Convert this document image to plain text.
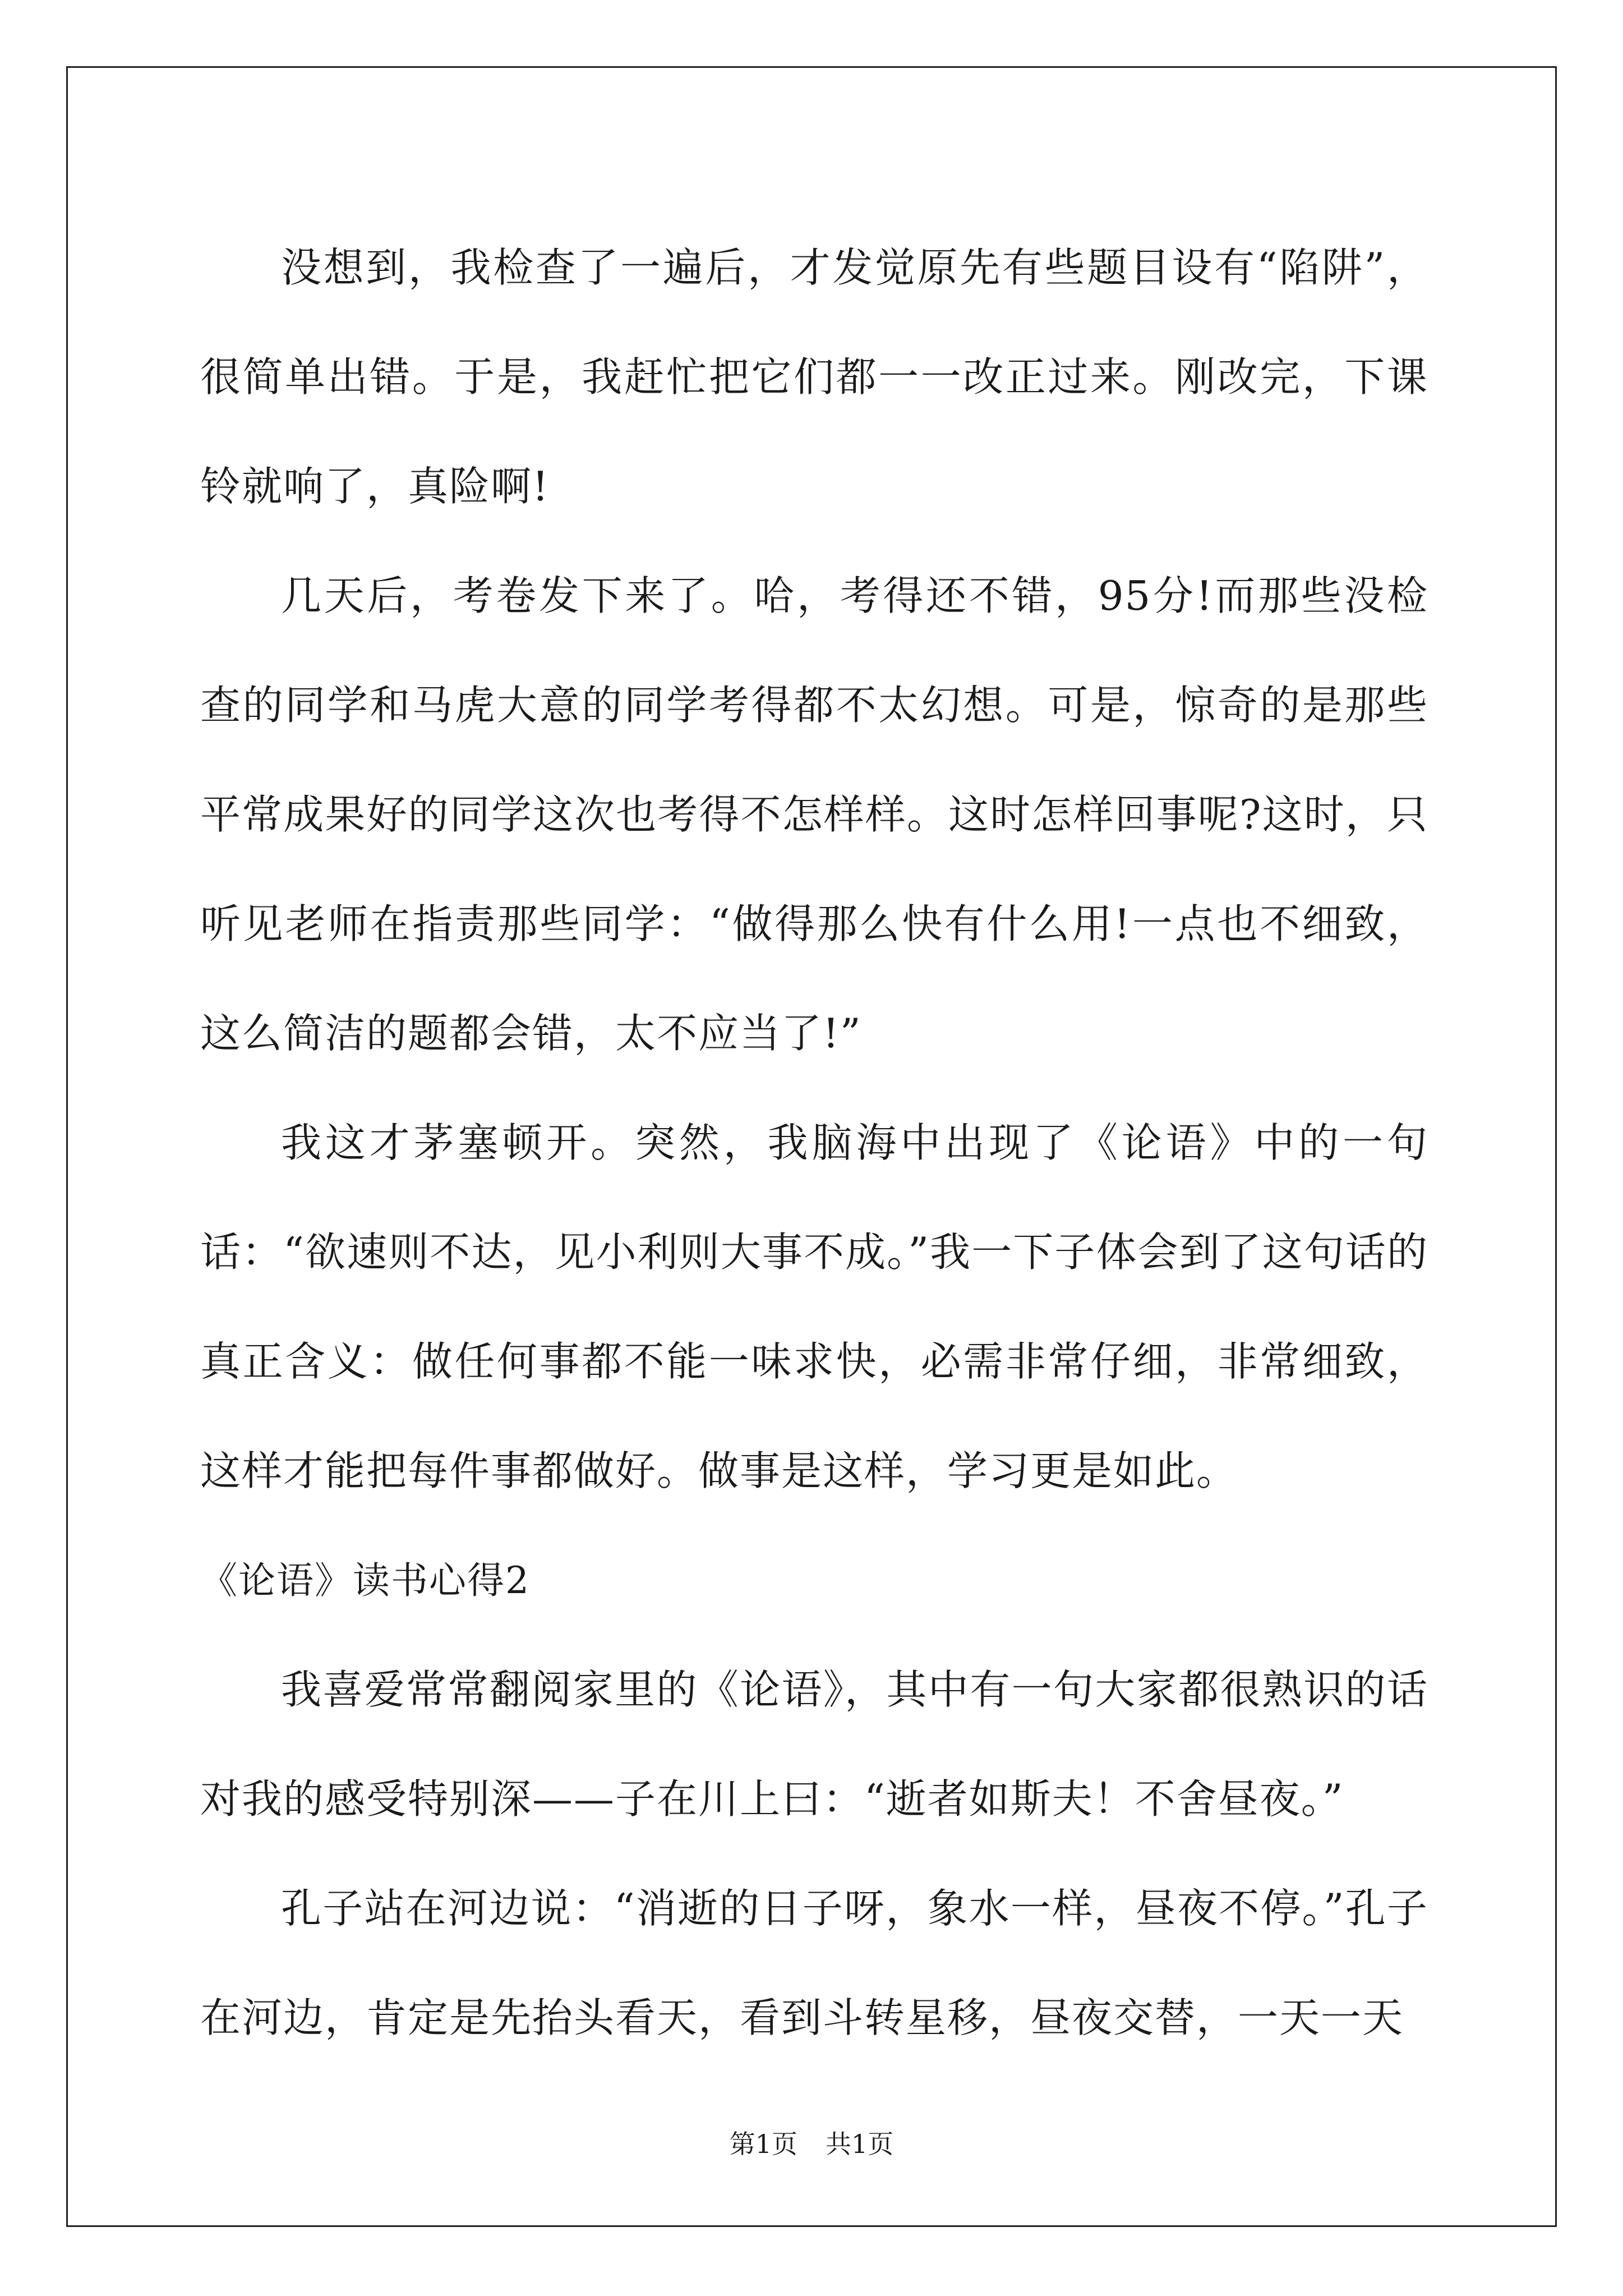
没想到，我检查了一遍后，才发觉原先有些题目设有“陷阱”，很简单出错。于是，我赶忙把它们都一一改正过来。刚改完，下课铃就响了，真险啊!

几天后，考卷发下来了。哈，考得还不错，95分!而那些没检查的同学和马虎大意的同学考得都不太幻想。可是，惊奇的是那些平常成果好的同学这次也考得不怎样样。这时怎样回事呢?这时，只听见老师在指责那些同学：“做得那么快有什么用!一点也不细致，这么简洁的题都会错，太不应当了!”

我这才茅塞顿开。突然，我脑海中出现了《论语》中的一句话：“欲速则不达，见小利则大事不成。”我一下子体会到了这句话的真正含义：做任何事都不能一味求快，必需非常仔细，非常细致，这样才能把每件事都做好。做事是这样，学习更是如此。

《论语》读书心得2

我喜爱常常翻阅家里的《论语》，其中有一句大家都很熟识的话对我的感受特别深——子在川上曰：“逝者如斯夫！不舍昼夜。”

孔子站在河边说：“消逝的日子呀，象水一样，昼夜不停。”孔子在河边，肯定是先抬头看天，看到斗转星移，昼夜交替，一天一天

第1页 共1页
